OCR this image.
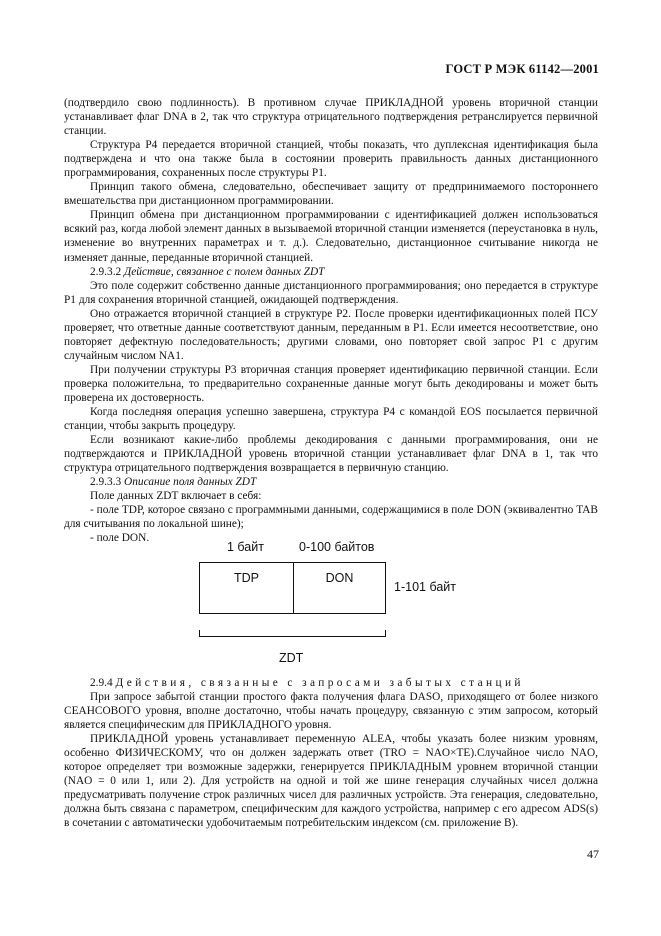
ГОСТ Р МЭК 61142—2001

(подтвердило свою подлинность). В противном случае ПРИКЛАДНОЙ уровень вторичной станции устанавливает флаг DNA в 2, так что структура отрицательного подтверждения ретранслируется первичной станции.

Структура Р4 передается вторичной станцией, чтобы показать, что дуплексная идентификация была подтверждена и что она также была в состоянии проверить правильность данных дистанционного программирования, сохраненных после структуры Р1.

Принцип такого обмена, следовательно, обеспечивает защиту от предпринимаемого постороннего вмешательства при дистанционном программировании.

Принцип обмена при дистанционном программировании с идентификацией должен использоваться всякий раз, когда любой элемент данных в вызываемой вторичной станции изменяется (переустановка в нуль, изменение во внутренних параметрах и т. д.). Следовательно, дистанционное считывание никогда не изменяет данные, переданные вторичной станцией.

2.9.3.2 Действие, связанное с полем данных ZDT

Это поле содержит собственно данные дистанционного программирования; оно передается в структуре Р1 для сохранения вторичной станцией, ожидающей подтверждения.

Оно отражается вторичной станцией в структуре Р2. После проверки идентификационных полей ПСУ проверяет, что ответные данные соответствуют данным, переданным в Р1. Если имеется несоответствие, оно повторяет дефектную последовательность; другими словами, оно повторяет свой запрос Р1 с другим случайным числом NA1.

При получении структуры Р3 вторичная станция проверяет идентификацию первичной станции. Если проверка положительна, то предварительно сохраненные данные могут быть декодированы и может быть проверена их достоверность.

Когда последняя операция успешно завершена, структура Р4 с командой EOS посылается первичной станции, чтобы закрыть процедуру.

Если возникают какие-либо проблемы декодирования с данными программирования, они не подтверждаются и ПРИКЛАДНОЙ уровень вторичной станции устанавливает флаг DNA в 1, так что структура отрицательного подтверждения возвращается в первичную станцию.

2.9.3.3 Описание поля данных ZDT

Поле данных ZDT включает в себя:

- поле TDP, которое связано с программными данными, содержащимися в поле DON (эквивалентно TAB для считывания по локальной шине);

- поле DON.

1 байт	0-100 байтов
TDP	DON
1-101 байт
ZDT

2.9.4 Действия, связанные с запросами забытых станций

При запросе забытой станции простого факта получения флага DASO, приходящего от более низкого СЕАНСОВОГО уровня, вполне достаточно, чтобы начать процедуру, связанную с этим запросом, который является специфическим для ПРИКЛАДНОГО уровня.

ПРИКЛАДНОЙ уровень устанавливает переменную ALEA, чтобы указать более низким уровням, особенно ФИЗИЧЕСКОМУ, что он должен задержать ответ (TRO = NAO×TE).Случайное число NAO, которое определяет три возможные задержки, генерируется ПРИКЛАДНЫМ уровнем вторичной станции (NAO = 0 или 1, или 2). Для устройств на одной и той же шине генерация случайных чисел должна предусматривать получение строк различных чисел для различных устройств. Эта генерация, следовательно, должна быть связана с параметром, специфическим для каждого устройства, например с его адресом ADS(s) в сочетании с автоматически удобочитаемым потребительским индексом (см. приложение В).

47
